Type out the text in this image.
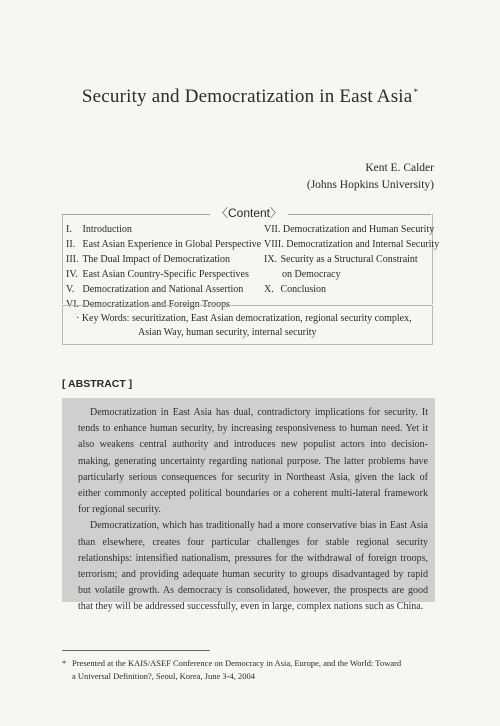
Security and Democratization in East Asia*
Kent E. Calder
(Johns Hopkins University)
〈Content〉
I. Introduction
II. East Asian Experience in Global Perspective
III. The Dual Impact of Democratization
IV. East Asian Country-Specific Perspectives
V. Democratization and National Assertion
VI. Democratization and Foreign Troops
VII. Democratization and Human Security
VIII. Democratization and Internal Security
IX. Security as a Structural Constraint
on Democracy
X. Conclusion
· Key Words: securitization, East Asian democratization, regional security complex,
Asian Way, human security, internal security
[ ABSTRACT ]

Democratization in East Asia has dual, contradictory implications for security. It tends to enhance human security, by increasing responsiveness to human need. Yet it also weakens central authority and introduces new populist actors into decision-making, generating uncertainty regarding national purpose. The latter problems have particularly serious consequences for security in Northeast Asia, given the lack of either commonly accepted political boundaries or a coherent multi-lateral framework for regional security.

Democratization, which has traditionally had a more conservative bias in East Asia than elsewhere, creates four particular challenges for stable regional security relationships: intensified nationalism, pressures for the withdrawal of foreign troops, terrorism; and providing adequate human security to groups disadvantaged by rapid but volatile growth. As democracy is consolidated, however, the prospects are good that they will be addressed successfully, even in large, complex nations such as China.

* Presented at the KAIS/ASEF Conference on Democracy in Asia, Europe, and the World: Toward
a Universal Definition?, Seoul, Korea, June 3-4, 2004
